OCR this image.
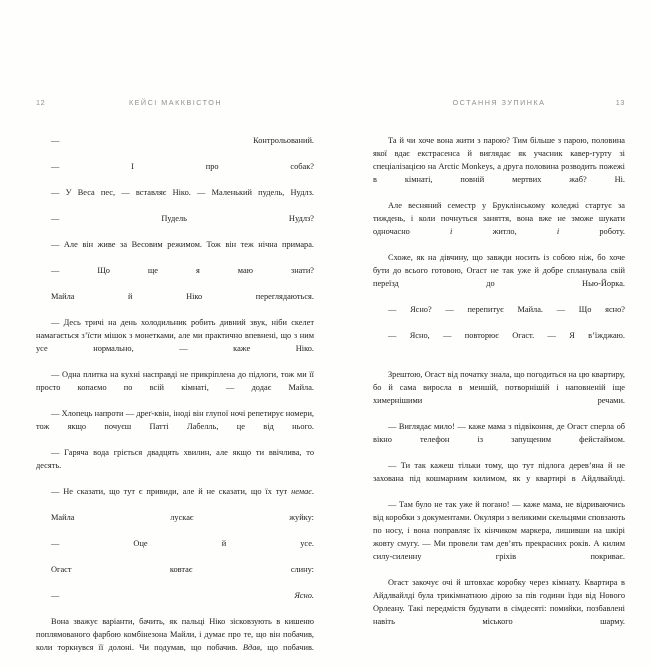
12	КЕЙСІ МАККВІСТОН

— Контрольований.

— І про собак?

— У Веса пес, — вставляє Ніко. — Маленький пудель, Нудлз.

— Пудель Нудлз?

— Але він живе за Весовим режимом. Тож він теж нічна примара.

— Що ще я маю знати?

Майла й Ніко переглядаються.

— Десь тричі на день холодильник робить дивний звук, ніби скелет намагається з’їсти мішок з монетками, але ми практично впевнені, що з ним усе нормально, — каже Ніко.

— Одна плитка на кухні насправді не прикріплена до підлоги, тож ми її просто копаємо по всій кімнаті, — додає Майла.

— Хлопець напроти — дреґ-квін, іноді він глупої ночі репетирує номери, тож якщо почуєш Патті Лабелль, це від нього.

— Гаряча вода гріється двадцять хвилин, але якщо ти ввічлива, то десять.

— Не сказати, що тут є привиди, але й не сказати, що їх тут немає.

Майла лускає жуйку:

— Оце й усе.

Огаст ковтає слину:

— Ясно.

Вона зважує варіанти, бачить, як пальці Ніко зісковзують в кишеню поплямованого фарбою комбінезона Майли, і думає про те, що він побачив, коли торкнувся її долоні. Чи подумав, що побачив. Вдав, що побачив.

ОСТАННЯ ЗУПИНКА	13

Та й чи хоче вона жити з парою? Тим більше з парою, половина якої вдає екстрасенса й виглядає як учасник кавер-гурту зі спеціалізацією на Arctic Monkeys, а друга половина розводить пожежі в кімнаті, повній мертвих жаб? Ні.

Але весняний семестр у Бруклінському коледжі стартує за тиждень, і коли почнуться заняття, вона вже не зможе шукати одночасно і житло, і роботу.

Схоже, як на дівчину, що завжди носить із собою ніж, бо хоче бути до всього готовою, Огаст не так уже й добре спланувала свій переїзд до Нью-Йорка.

— Ясно? — перепитує Майла. — Що ясно?

— Ясно, — повторює Огаст. — Я в’їжджаю.

Зрештою, Огаст від початку знала, що погодиться на цю квартиру, бо й сама виросла в меншій, потворнішій і наповненій іще химернішими речами.

— Виглядає мило! — каже мама з підвіконня, де Огаст сперла об вікно телефон із запущеним фейстаймом.

— Ти так кажеш тільки тому, що тут підлога дерев’яна й не захована під кошмарним килимом, як у квартирі в Айдлвайлді.

— Там було не так уже й погано! — каже мама, не відриваючись від коробки з документами. Окуляри з великими скельцями сповзають по носу, і вона поправляє їх кінчиком маркера, лишивши на шкірі жовту смугу. — Ми провели там дев’ять прекрасних років. А килим силу-силенну гріхів покриває.

Огаст закочує очі й штовхає коробку через кімнату. Квартира в Айдлвайлді була трикімнатною дірою за пів години їзди від Нового Орлеану. Такі передмістя будувати в сімдесяті: помийки, позбавлені навіть міського шарму.
